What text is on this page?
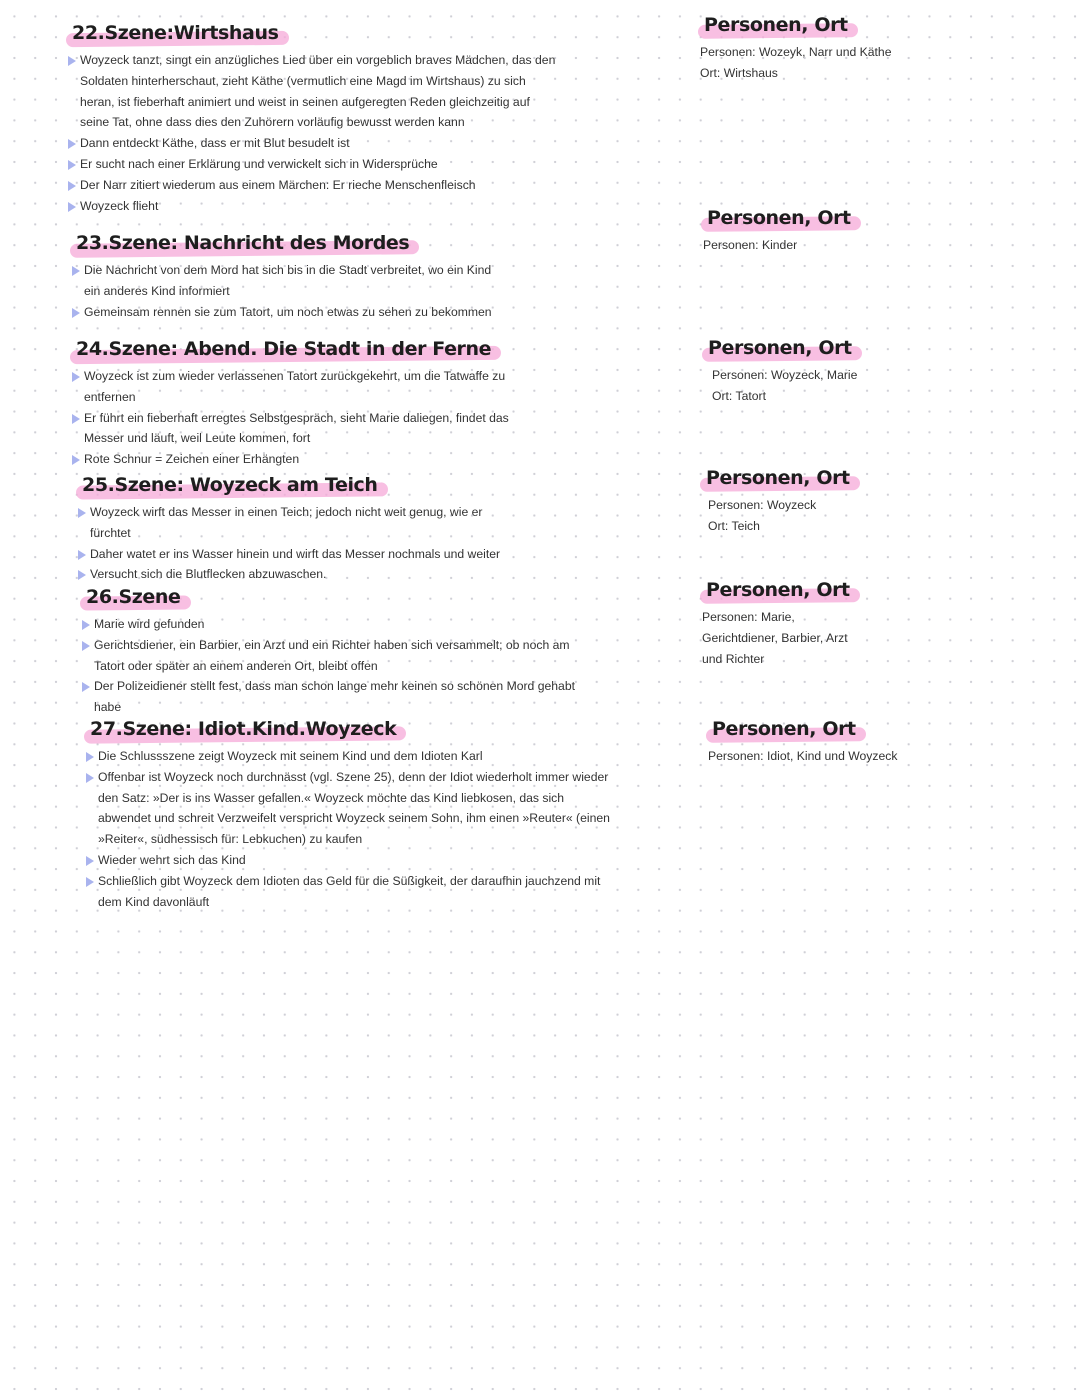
22.Szene:Wirtshaus
Woyzeck tanzt, singt ein anzügliches Lied über ein vorgeblich braves Mädchen, das den Soldaten hinterherschaut, zieht Käthe (vermutlich eine Magd im Wirtshaus) zu sich heran, ist fieberhaft animiert und weist in seinen aufgeregten Reden gleichzeitig auf seine Tat, ohne dass dies den Zuhörern vorläufig bewusst werden kann
Dann entdeckt Käthe, dass er mit Blut besudelt ist
Er sucht nach einer Erklärung und verwickelt sich in Widersprüche
Der Narr zitiert wiederum aus einem Märchen: Er rieche Menschenfleisch
Woyzeck flieht
23.Szene: Nachricht des Mordes
Die Nachricht von dem Mord hat sich bis in die Stadt verbreitet, wo ein Kind ein anderes Kind informiert
Gemeinsam rennen sie zum Tatort, um noch etwas zu sehen zu bekommen
24.Szene: Abend. Die Stadt in der Ferne
Woyzeck ist zum wieder verlassenen Tatort zurückgekehrt, um die Tatwaffe zu entfernen
Er führt ein fieberhaft erregtes Selbstgespräch, sieht Marie daliegen, findet das Messer und läuft, weil Leute kommen, fort
Rote Schnur = Zeichen einer Erhängten
25.Szene: Woyzeck am Teich
Woyzeck wirft das Messer in einen Teich; jedoch nicht weit genug, wie er fürchtet
Daher watet er ins Wasser hinein und wirft das Messer nochmals und weiter
Versucht sich die Blutflecken abzuwaschen.
26.Szene
Marie wird gefunden
Gerichtsdiener, ein Barbier, ein Arzt und ein Richter haben sich versammelt; ob noch am Tatort oder später an einem anderen Ort, bleibt offen
Der Polizeidiener stellt fest, dass man schon lange mehr keinen so schönen Mord gehabt habe
27.Szene: Idiot.Kind.Woyzeck
Die Schlussszene zeigt Woyzeck mit seinem Kind und dem Idioten Karl
Offenbar ist Woyzeck noch durchnässt (vgl. Szene 25), denn der Idiot wiederholt immer wieder den Satz: »Der is ins Wasser gefallen.« Woyzeck möchte das Kind liebkosen, das sich abwendet und schreit Verzweifelt verspricht Woyzeck seinem Sohn, ihm einen »Reuter« (einen »Reiter«, südhessisch für: Lebkuchen) zu kaufen
Wieder wehrt sich das Kind
Schließlich gibt Woyzeck dem Idioten das Geld für die Süßigkeit, der daraufhin jauchzend mit dem Kind davonläuft
Personen, Ort
Personen: Wozeyk, Narr und Käthe
Ort: Wirtshaus
Personen, Ort
Personen: Kinder
Personen, Ort
Personen: Woyzeck, Marie
Ort: Tatort
Personen, Ort
Personen: Woyzeck
Ort: Teich
Personen, Ort
Personen: Marie,
Gerichtdiener, Barbier, Arzt
und Richter
Personen, Ort
Personen: Idiot, Kind und Woyzeck
